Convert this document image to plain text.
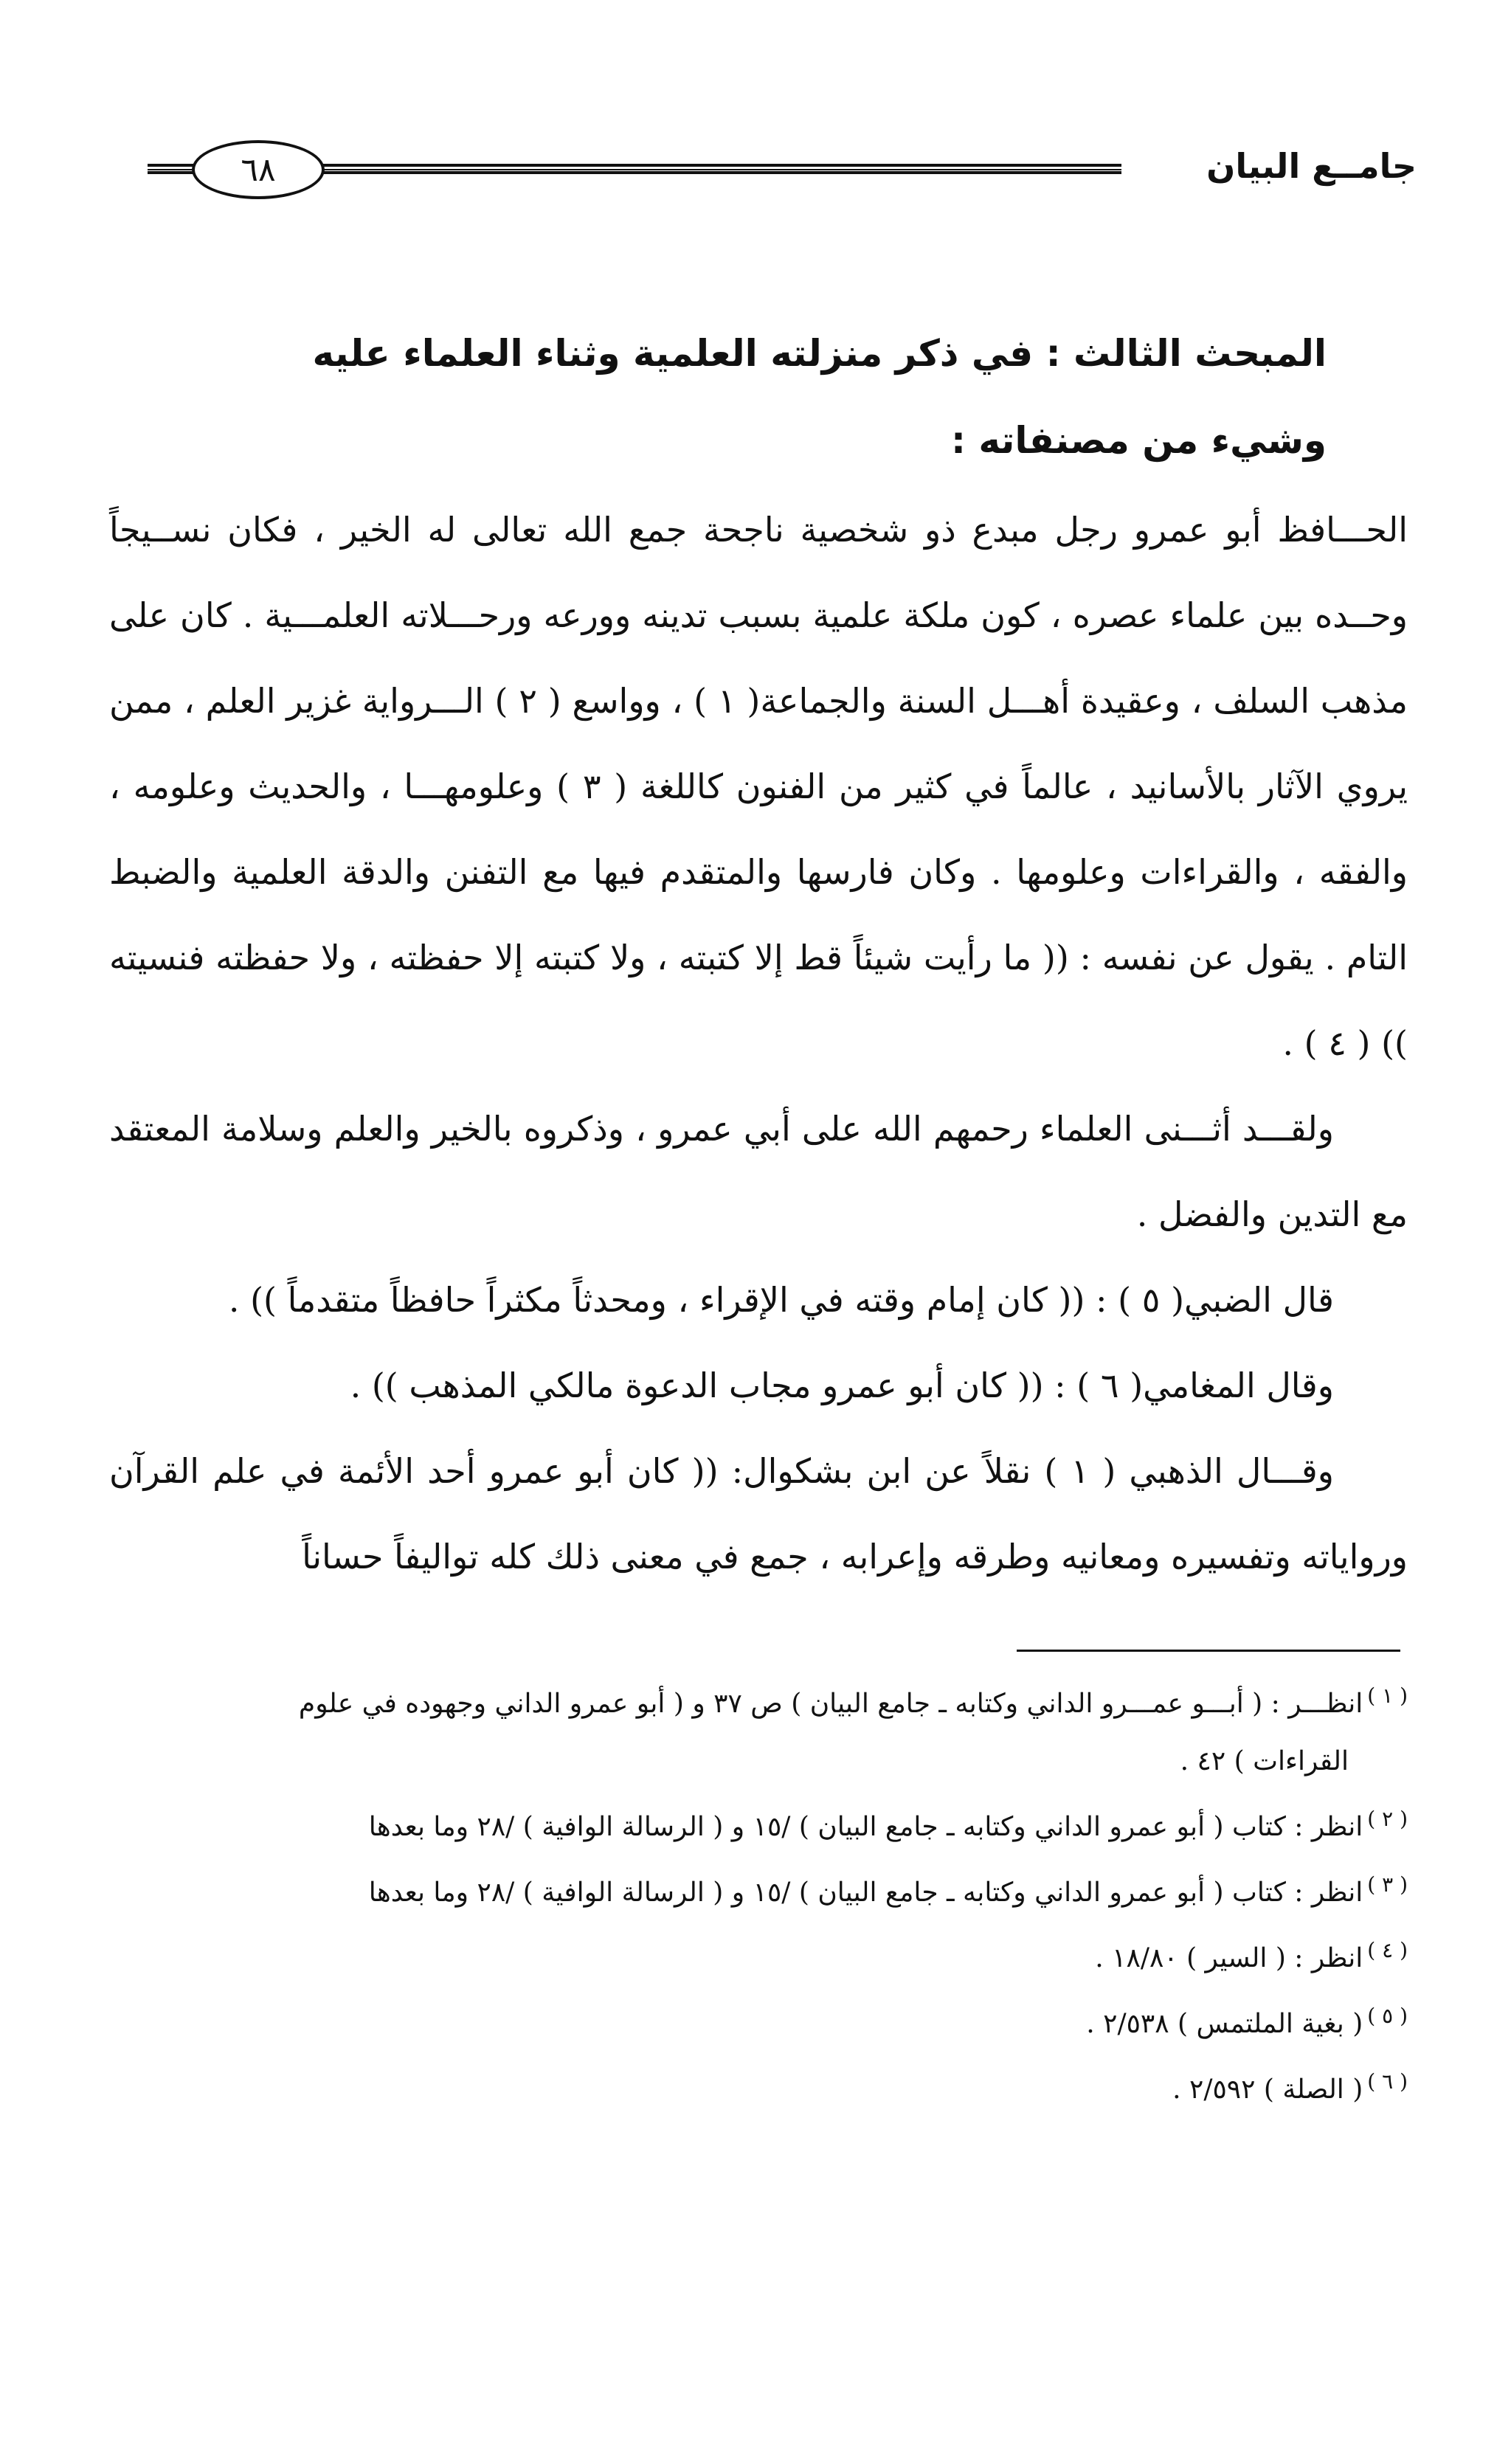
٦٨	جامــع البيان
المبحث الثالث : في ذكر منزلته العلمية وثناء العلماء عليه وشيء من مصنفاته :

الحـــافظ أبو عمرو رجل مبدع ذو شخصية ناجحة جمع الله تعالى له الخير ، فكان نســيجاً وحــده بين علماء عصره ، كون ملكة علمية بسبب تدينه وورعه ورحـــلاته العلمـــية . كان على مذهب السلف ، وعقيدة أهـــل السنة والجماعة( ١ ) ، وواسع ( ٢ ) الـــرواية غزير العلم ، ممن يروي الآثار بالأسانيد ، عالماً في كثير من الفنون كاللغة ( ٣ ) وعلومهـــا ، والحديث وعلومه ، والفقه ، والقراءات وعلومها . وكان فارسها والمتقدم فيها مع التفنن والدقة العلمية والضبط التام . يقول عن نفسه : (( ما رأيت شيئاً قط إلا كتبته ، ولا كتبته إلا حفظته ، ولا حفظته فنسيته )) ( ٤ ) .

ولقـــد أثـــنى العلماء رحمهم الله على أبي عمرو ، وذكروه بالخير والعلم وسلامة المعتقد مع التدين والفضل .

قال الضبي( ٥ ) : (( كان إمام وقته في الإقراء ، ومحدثاً مكثراً حافظاً متقدماً )) .

وقال المغامي( ٦ ) : (( كان أبو عمرو مجاب الدعوة مالكي المذهب )) .

وقـــال الذهبي ( ١ ) نقلاً عن ابن بشكوال: (( كان أبو عمرو أحد الأئمة في علم القرآن ورواياته وتفسيره ومعانيه وطرقه وإعرابه ، جمع في معنى ذلك كله تواليفاً حساناً

$^{( ١ )}$انظـــر : ( أبـــو عمـــرو الداني وكتابه ـ جامع البيان ) ص ٣٧ و ( أبو عمرو الداني وجهوده في علوم

القراءات ) ٤٢ .

$^{( ٢ )}$انظر : كتاب ( أبو عمرو الداني وكتابه ـ جامع البيان ) /١٥ و ( الرسالة الوافية ) /٢٨ وما بعدها

$^{( ٣ )}$انظر : كتاب ( أبو عمرو الداني وكتابه ـ جامع البيان ) /١٥ و ( الرسالة الوافية ) /٢٨ وما بعدها

$^{( ٤ )}$انظر : ( السير ) ١٨/٨٠ .

$^{( ٥ )}$( بغية الملتمس ) ٢/٥٣٨ .

$^{( ٦ )}$( الصلة ) ٢/٥٩٢ .
